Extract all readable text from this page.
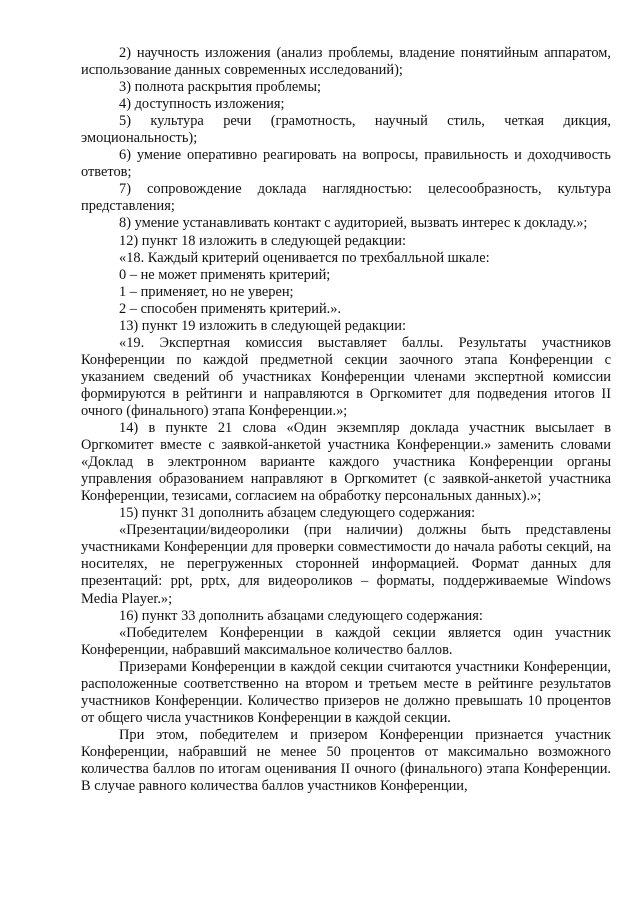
2) научность изложения (анализ проблемы, владение понятийным аппаратом, использование данных современных исследований);

3) полнота раскрытия проблемы;

4) доступность изложения;

5) культура речи (грамотность, научный стиль, четкая дикция, эмоциональность);

6) умение оперативно реагировать на вопросы, правильность и доходчивость ответов;

7) сопровождение доклада наглядностью: целесообразность, культура представления;

8) умение устанавливать контакт с аудиторией, вызвать интерес к докладу.»;

12) пункт 18 изложить в следующей редакции:

«18. Каждый критерий оценивается по трехбалльной шкале:

0 – не может применять критерий;

1 – применяет, но не уверен;

2 – способен применять критерий.».

13) пункт 19 изложить в следующей редакции:

«19. Экспертная комиссия выставляет баллы. Результаты участников Конференции по каждой предметной секции заочного этапа Конференции с указанием сведений об участниках Конференции членами экспертной комиссии формируются в рейтинги и направляются в Оргкомитет для подведения итогов II очного (финального) этапа Конференции.»;

14) в пункте 21 слова «Один экземпляр доклада участник высылает в Оргкомитет вместе с заявкой-анкетой участника Конференции.» заменить словами «Доклад в электронном варианте каждого участника Конференции органы управления образованием направляют в Оргкомитет (с заявкой-анкетой участника Конференции, тезисами, согласием на обработку персональных данных).»;

15) пункт 31 дополнить абзацем следующего содержания:

«Презентации/видеоролики (при наличии) должны быть представлены участниками Конференции для проверки совместимости до начала работы секций, на носителях, не перегруженных сторонней информацией. Формат данных для презентаций: ppt, pptx, для видеороликов – форматы, поддерживаемые Windows Media Player.»;

16) пункт 33 дополнить абзацами следующего содержания:

«Победителем Конференции в каждой секции является один участник Конференции, набравший максимальное количество баллов.

Призерами Конференции в каждой секции считаются участники Конференции, расположенные соответственно на втором и третьем месте в рейтинге результатов участников Конференции. Количество призеров не должно превышать 10 процентов от общего числа участников Конференции в каждой секции.

При этом, победителем и призером Конференции признается участник Конференции, набравший не менее 50 процентов от максимально возможного количества баллов по итогам оценивания II очного (финального) этапа Конференции. В случае равного количества баллов участников Конференции,
